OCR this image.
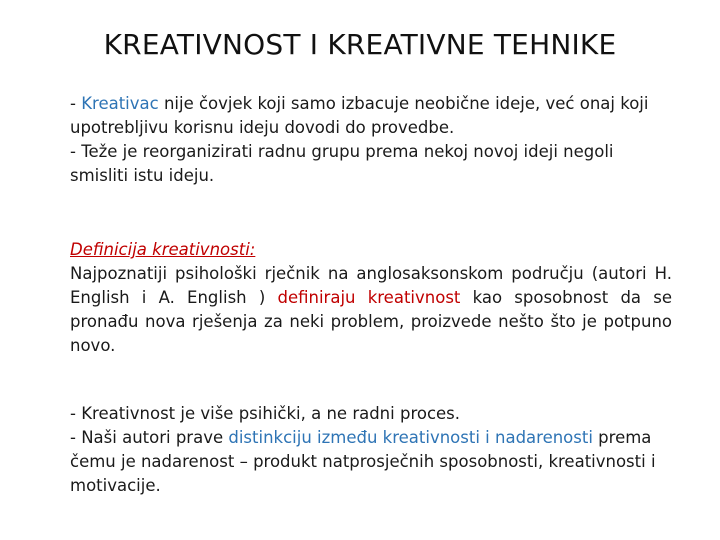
KREATIVNOST I KREATIVNE TEHNIKE

- Kreativac nije čovjek koji samo izbacuje neobične ideje, već onaj koji upotrebljivu korisnu ideju dovodi do provedbe.

- Teže je reorganizirati radnu grupu prema nekoj novoj ideji negoli smisliti istu ideju.

Definicija kreativnosti:

Najpoznatiji psihološki rječnik na anglosaksonskom području (autori H. English i A. English ) definiraju kreativnost kao sposobnost da se pronađu nova rješenja za neki problem, proizvede nešto što je potpuno novo.

- Kreativnost je više psihički, a ne radni proces.

- Naši autori prave distinkciju između kreativnosti i nadarenosti prema čemu je nadarenost – produkt natprosječnih sposobnosti, kreativnosti i motivacije.
